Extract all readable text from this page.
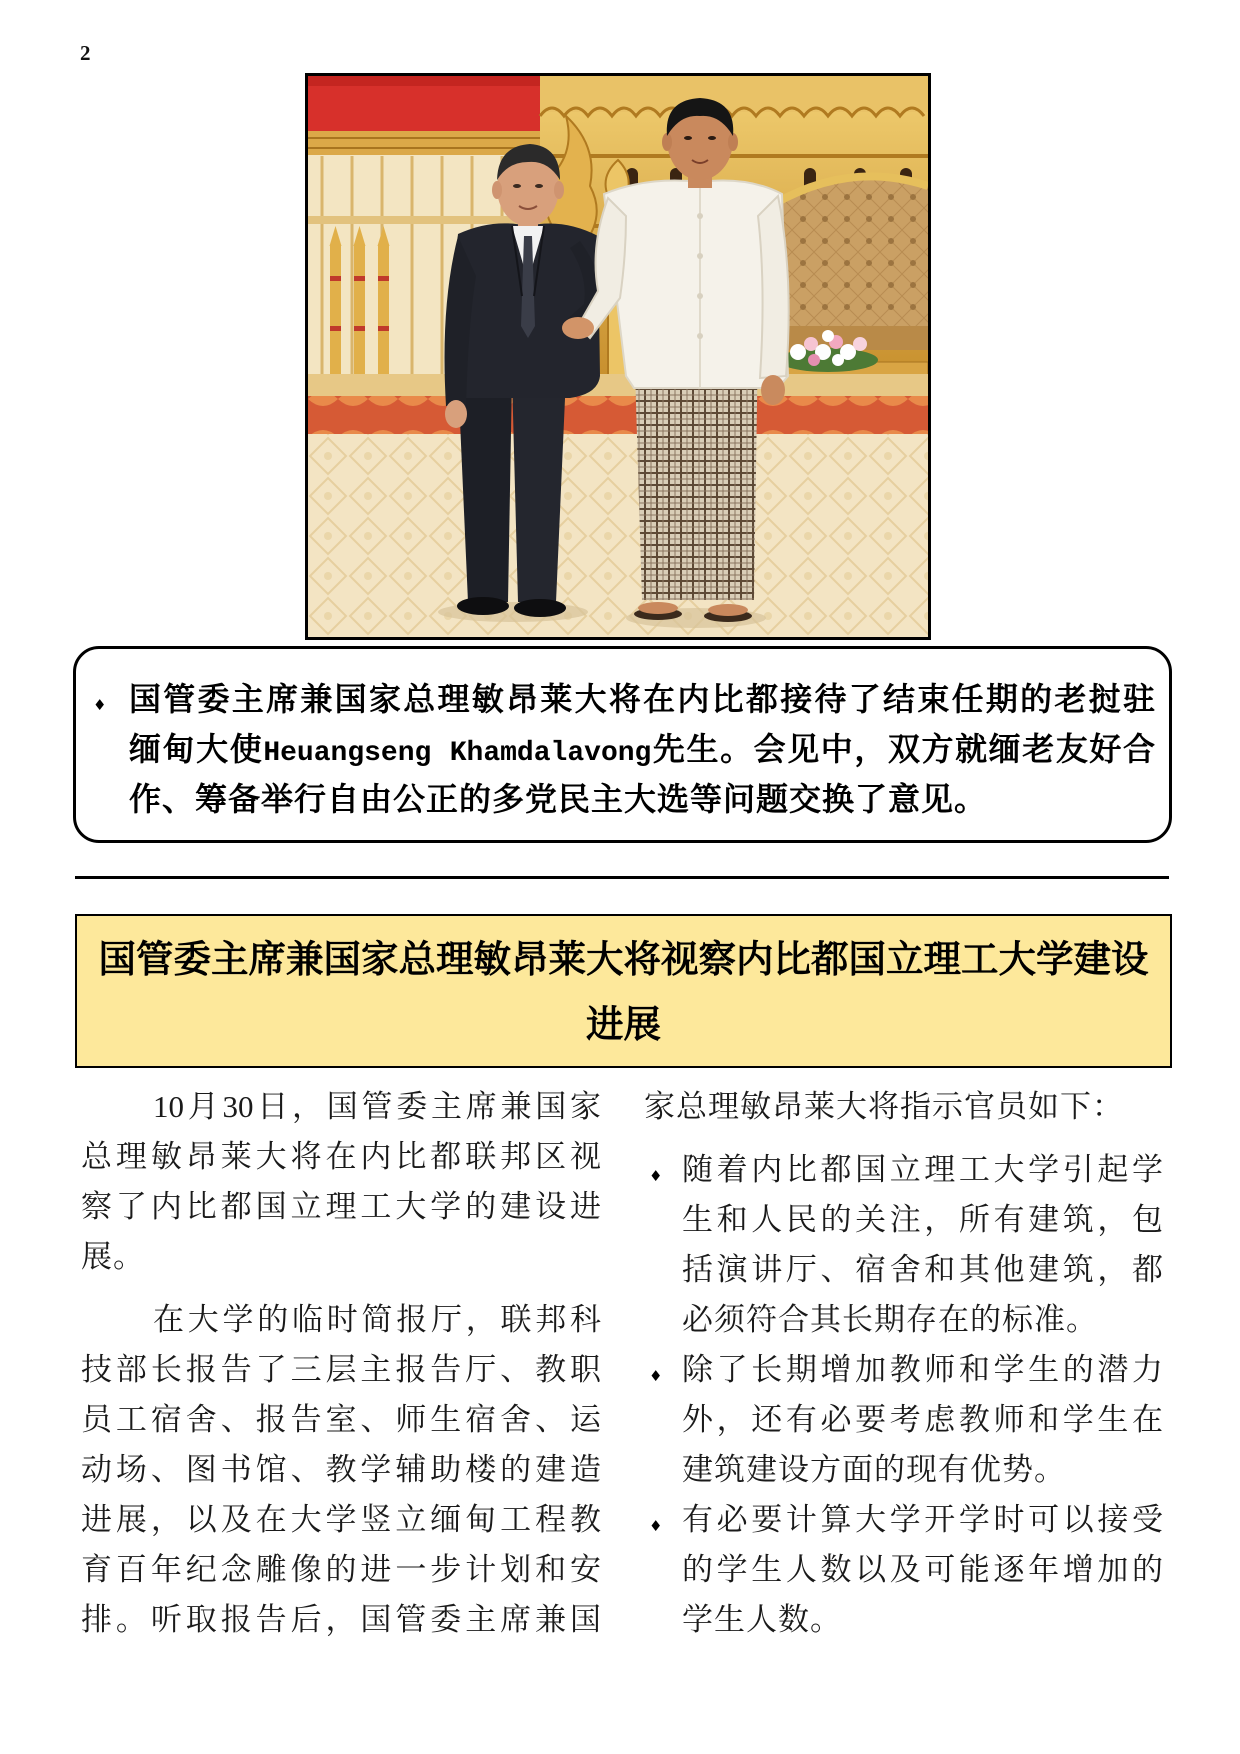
2
♦
国管委主席兼国家总理敏昂莱大将在内比都接待了结束任期的老挝驻
缅甸大使Heuangseng Khamdalavong先生。会见中，双方就缅老友好合
作、筹备举行自由公正的多党民主大选等问题交换了意见。
国管委主席兼国家总理敏昂莱大将视察内比都国立理工大学建设
进展
10月30日，国管委主席兼国家
总理敏昂莱大将在内比都联邦区视
察了内比都国立理工大学的建设进
展。
在大学的临时简报厅，联邦科
技部长报告了三层主报告厅、教职
员工宿舍、报告室、师生宿舍、运
动场、图书馆、教学辅助楼的建造
进展，以及在大学竖立缅甸工程教
育百年纪念雕像的进一步计划和安
排。听取报告后，国管委主席兼国
家总理敏昂莱大将指示官员如下：
♦
随着内比都国立理工大学引起学
生和人民的关注，所有建筑，包
括演讲厅、宿舍和其他建筑，都
必须符合其长期存在的标准。
♦
除了长期增加教师和学生的潜力
外，还有必要考虑教师和学生在
建筑建设方面的现有优势。
♦
有必要计算大学开学时可以接受
的学生人数以及可能逐年增加的
学生人数。
